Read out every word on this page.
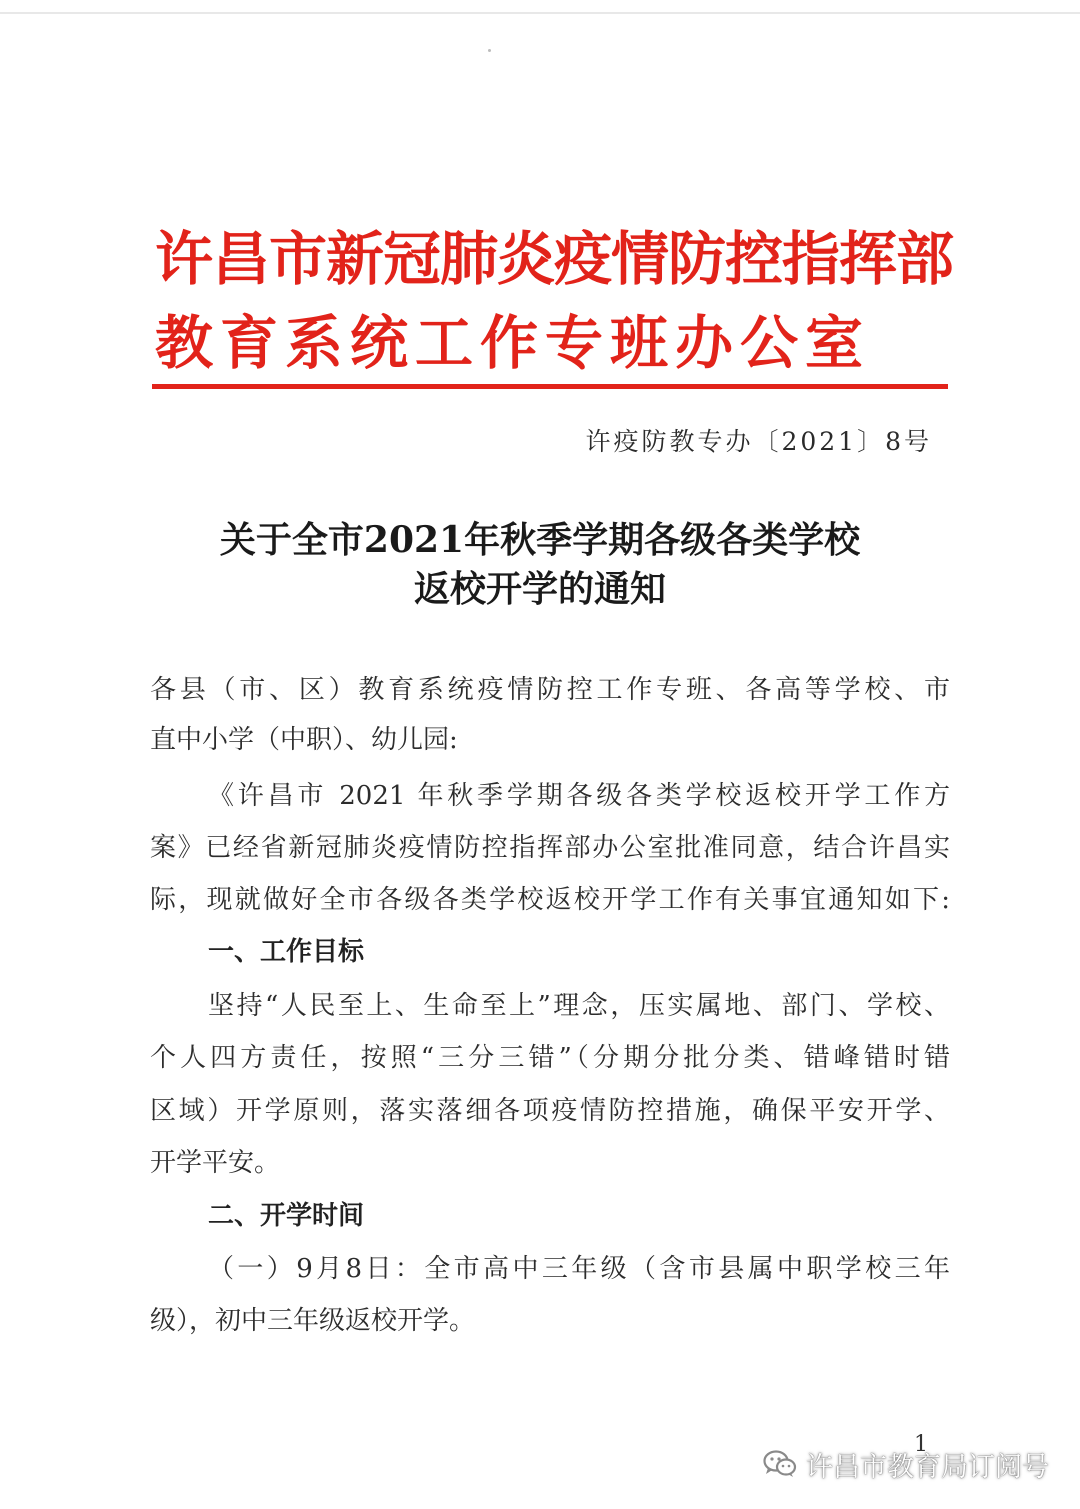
许昌市新冠肺炎疫情防控指挥部
教育系统工作专班办公室
许疫防教专办〔2021〕8号
关于全市2021年秋季学期各级各类学校
返校开学的通知
各县（市、区）教育系统疫情防控工作专班、各高等学校、市
直中小学（中职）、幼儿园:
《许昌市 2021 年秋季学期各级各类学校返校开学工作方
案》已经省新冠肺炎疫情防控指挥部办公室批准同意，结合许昌实
际，现就做好全市各级各类学校返校开学工作有关事宜通知如下:
一、工作目标
坚持“人民至上、生命至上”理念，压实属地、部门、学校、
个人四方责任，按照“三分三错”（分期分批分类、错峰错时错
区域）开学原则，落实落细各项疫情防控措施，确保平安开学、
开学平安。
二、开学时间
（一）9月8日：全市高中三年级（含市县属中职学校三年
级），初中三年级返校开学。
1
许昌市教育局订阅号
